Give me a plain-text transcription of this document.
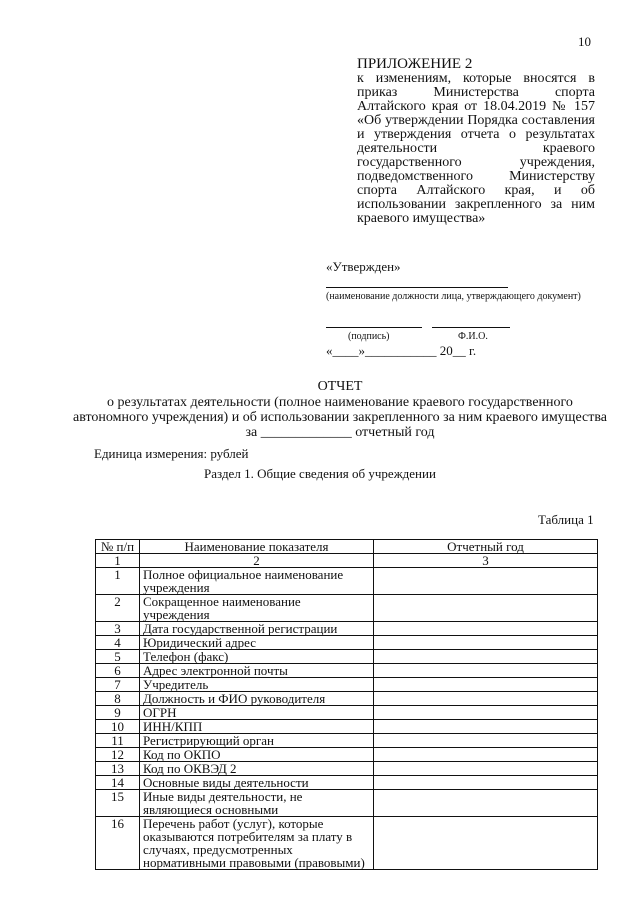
10
ПРИЛОЖЕНИЕ 2
к изменениям, которые вносятся в приказ Министерства спорта Алтайского края от 18.04.2019 № 157 «Об утверждении Порядка составления и утверждения отчета о результатах деятельности краевого государственного учреждения, подведомственного Министерству спорта Алтайского края, и об использовании закрепленного за ним краевого имущества»
«Утвержден»
(наименование должности лица, утверждающего документ)
(подпись)	Ф.И.О.
«____»___________ 20__ г.
ОТЧЕТ
о результатах деятельности (полное наименование краевого государственного
автономного учреждения) и об использовании закрепленного за ним краевого имущества
за _____________ отчетный год
Единица измерения: рублей
Раздел 1. Общие сведения об учреждении
Таблица 1
№ п/п	Наименование показателя	Отчетный год
1	2	3
1	Полное официальное наименование учреждения	
2	Сокращенное наименование учреждения	
3	Дата государственной регистрации	
4	Юридический адрес	
5	Телефон (факс)	
6	Адрес электронной почты	
7	Учредитель	
8	Должность и ФИО руководителя	
9	ОГРН	
10	ИНН/КПП	
11	Регистрирующий орган	
12	Код по ОКПО	
13	Код по ОКВЭД 2	
14	Основные виды деятельности	
15	Иные виды деятельности, не являющиеся основными	
16	Перечень работ (услуг), которые оказываются потребителям за плату в случаях, предусмотренных нормативными правовыми (правовыми)	
